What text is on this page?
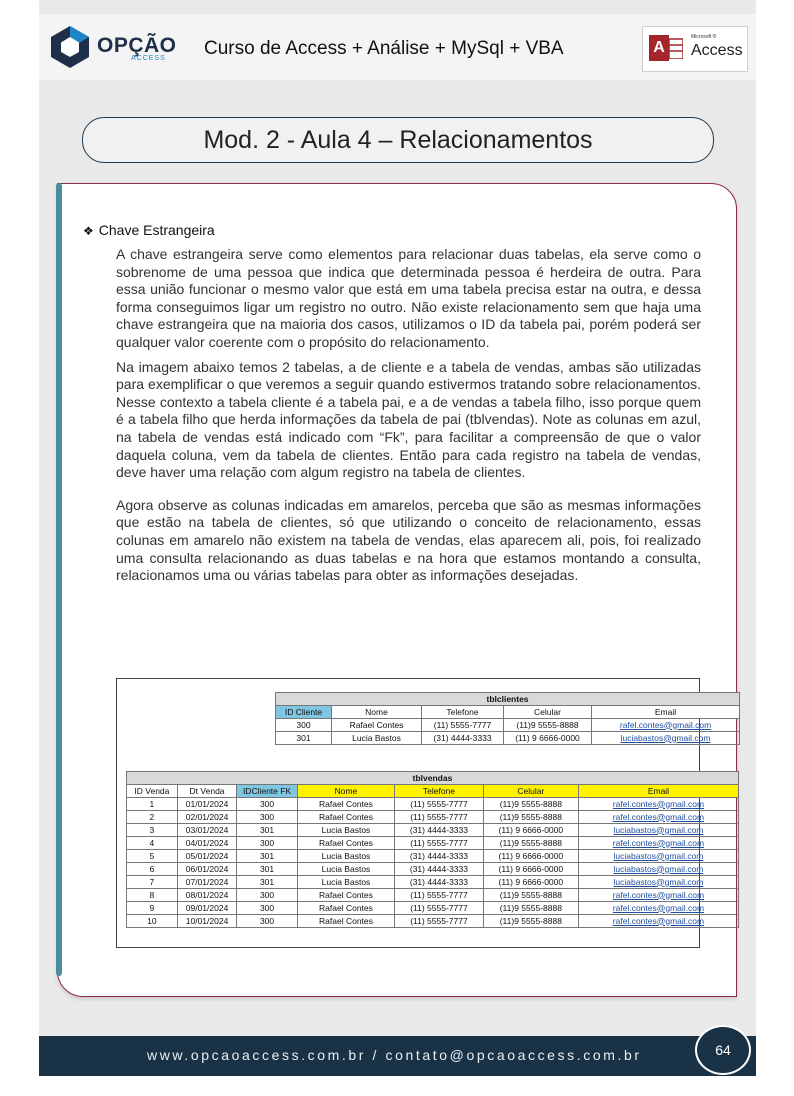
OPÇÃO
ACCESS Curso de Access + Análise + MySql + VBA	A
Microsoft ®
Access
Mod. 2 - Aula 4 – Relacionamentos
❖ Chave Estrangeira

A chave estrangeira serve como elementos para relacionar duas tabelas, ela serve como o sobrenome de uma pessoa que indica que determinada pessoa é herdeira de outra. Para essa união funcionar o mesmo valor que está em uma tabela precisa estar na outra, e dessa forma conseguimos ligar um registro no outro. Não existe relacionamento sem que haja uma chave estrangeira que na maioria dos casos, utilizamos o ID da tabela pai, porém poderá ser qualquer valor coerente com o propósito do relacionamento.

Na imagem abaixo temos 2 tabelas, a de cliente e a tabela de vendas, ambas são utilizadas para exemplificar o que veremos a seguir quando estivermos tratando sobre relacionamentos. Nesse contexto a tabela cliente é a tabela pai, e a de vendas a tabela filho, isso porque quem é a tabela filho que herda informações da tabela de pai (tblvendas). Note as colunas em azul, na tabela de vendas está indicado com “Fk”, para facilitar a compreensão de que o valor daquela coluna, vem da tabela de clientes. Então para cada registro na tabela de vendas, deve haver uma relação com algum registro na tabela de clientes.

Agora observe as colunas indicadas em amarelos, perceba que são as mesmas informações que estão na tabela de clientes, só que utilizando o conceito de relacionamento, essas colunas em amarelo não existem na tabela de vendas, elas aparecem ali, pois, foi realizado uma consulta relacionando as duas tabelas e na hora que estamos montando a consulta, relacionamos uma ou várias tabelas para obter as informações desejadas.

tblclientes				
ID Cliente	Nome	Telefone	Celular	Email
300	Rafael Contes	(11) 5555-7777	(11)9 5555-8888	rafel.contes@gmail.com
301	Lucia Bastos	(31) 4444-3333	(11) 9 6666-0000	luciabastos@gmail.com
tblvendas						
ID Venda	Dt Venda	IDCliente FK	Nome	Telefone	Celular	Email
1	01/01/2024	300	Rafael Contes	(11) 5555-7777	(11)9 5555-8888	rafel.contes@gmail.com
2	02/01/2024	300	Rafael Contes	(11) 5555-7777	(11)9 5555-8888	rafel.contes@gmail.com
3	03/01/2024	301	Lucia Bastos	(31) 4444-3333	(11) 9 6666-0000	luciabastos@gmail.com
4	04/01/2024	300	Rafael Contes	(11) 5555-7777	(11)9 5555-8888	rafel.contes@gmail.com
5	05/01/2024	301	Lucia Bastos	(31) 4444-3333	(11) 9 6666-0000	luciabastos@gmail.com
6	06/01/2024	301	Lucia Bastos	(31) 4444-3333	(11) 9 6666-0000	luciabastos@gmail.com
7	07/01/2024	301	Lucia Bastos	(31) 4444-3333	(11) 9 6666-0000	luciabastos@gmail.com
8	08/01/2024	300	Rafael Contes	(11) 5555-7777	(11)9 5555-8888	rafel.contes@gmail.com
9	09/01/2024	300	Rafael Contes	(11) 5555-7777	(11)9 5555-8888	rafel.contes@gmail.com
10	10/01/2024	300	Rafael Contes	(11) 5555-7777	(11)9 5555-8888	rafel.contes@gmail.com
www.opcaoaccess.com.br / contato@opcaoaccess.com.br	64
